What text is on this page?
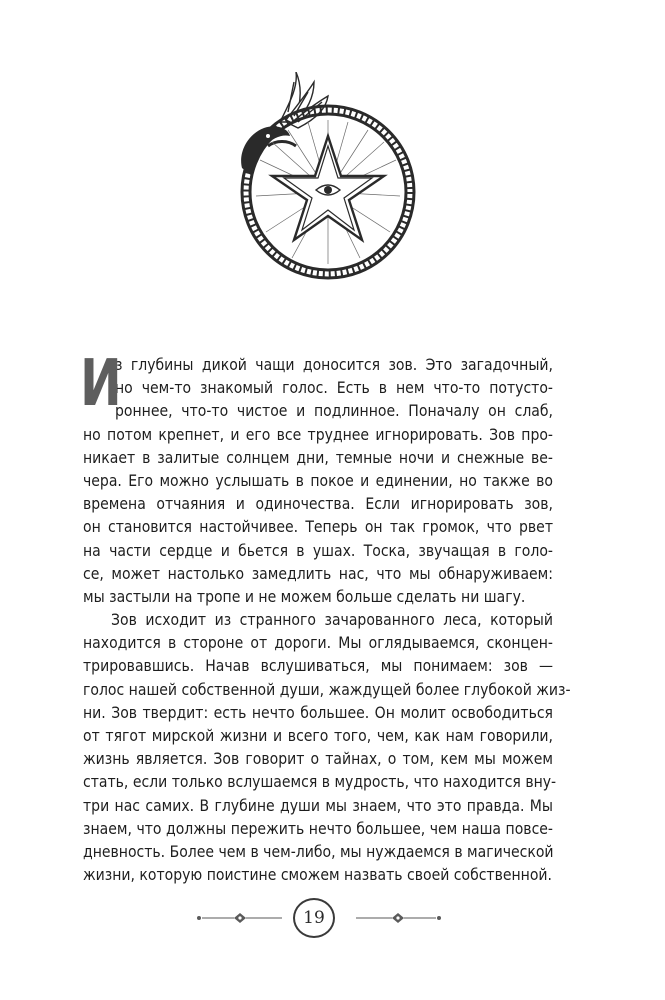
И
з глубины дикой чащи доносится зов. Это загадочный,
но чем-то знакомый голос. Есть в нем что-то потусто-
роннее, что-то чистое и подлинное. Поначалу он слаб,
но потом крепнет, и его все труднее игнорировать. Зов про-
никает в залитые солнцем дни, темные ночи и снежные ве-
чера. Его можно услышать в покое и единении, но также во
времена отчаяния и одиночества. Если игнорировать зов,
он становится настойчивее. Теперь он так громок, что рвет
на части сердце и бьется в ушах. Тоска, звучащая в голо-
се, может настолько замедлить нас, что мы обнаруживаем:
мы застыли на тропе и не можем больше сделать ни шагу.
Зов исходит из странного зачарованного леса, который
находится в стороне от дороги. Мы оглядываемся, сконцен-
трировавшись. Начав вслушиваться, мы понимаем: зов —
голос нашей собственной души, жаждущей более глубокой жиз-
ни. Зов твердит: есть нечто большее. Он молит освободиться
от тягот мирской жизни и всего того, чем, как нам говорили,
жизнь является. Зов говорит о тайнах, о том, кем мы можем
стать, если только вслушаемся в мудрость, что находится вну-
три нас самих. В глубине души мы знаем, что это правда. Мы
знаем, что должны пережить нечто большее, чем наша повсе-
дневность. Более чем в чем-либо, мы нуждаемся в магической
жизни, которую поистине сможем назвать своей собственной.
19
